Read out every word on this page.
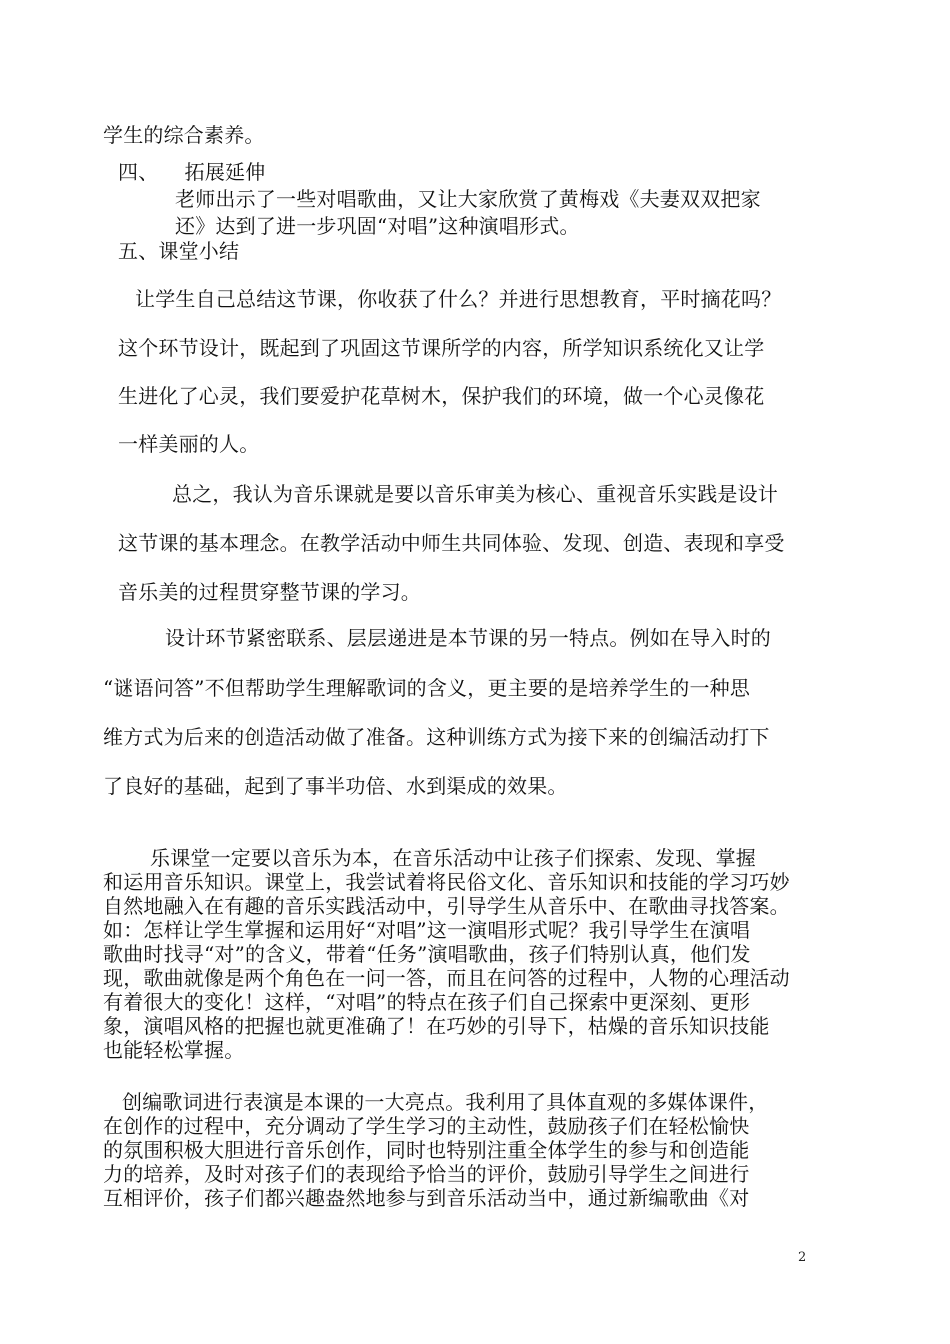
学生的综合素养。
四、    拓展延伸
老师出示了一些对唱歌曲，又让大家欣赏了黄梅戏《夫妻双双把家
还》达到了进一步巩固“对唱”这种演唱形式。
五、课堂小结
让学生自己总结这节课，你收获了什么？并进行思想教育，平时摘花吗？
这个环节设计，既起到了巩固这节课所学的内容，所学知识系统化又让学
生进化了心灵，我们要爱护花草树木，保护我们的环境，做一个心灵像花
一样美丽的人。
总之，我认为音乐课就是要以音乐审美为核心、重视音乐实践是设计
这节课的基本理念。在教学活动中师生共同体验、发现、创造、表现和享受
音乐美的过程贯穿整节课的学习。
设计环节紧密联系、层层递进是本节课的另一特点。例如在导入时的
“谜语问答”不但帮助学生理解歌词的含义，更主要的是培养学生的一种思
维方式为后来的创造活动做了准备。这种训练方式为接下来的创编活动打下
了良好的基础，起到了事半功倍、水到渠成的效果。
乐课堂一定要以音乐为本，在音乐活动中让孩子们探索、发现、掌握
和运用音乐知识。课堂上，我尝试着将民俗文化、音乐知识和技能的学习巧妙
自然地融入在有趣的音乐实践活动中，引导学生从音乐中、在歌曲寻找答案。
如：怎样让学生掌握和运用好“对唱”这一演唱形式呢？我引导学生在演唱
歌曲时找寻“对”的含义，带着“任务”演唱歌曲，孩子们特别认真，他们发
现，歌曲就像是两个角色在一问一答，而且在问答的过程中，人物的心理活动
有着很大的变化！这样，“对唱”的特点在孩子们自己探索中更深刻、更形
象，演唱风格的把握也就更准确了！在巧妙的引导下，枯燥的音乐知识技能
也能轻松掌握。
创编歌词进行表演是本课的一大亮点。我利用了具体直观的多媒体课件，
在创作的过程中，充分调动了学生学习的主动性，鼓励孩子们在轻松愉快
的氛围积极大胆进行音乐创作，同时也特别注重全体学生的参与和创造能
力的培养，及时对孩子们的表现给予恰当的评价，鼓励引导学生之间进行
互相评价，孩子们都兴趣盎然地参与到音乐活动当中，通过新编歌曲《对
2
